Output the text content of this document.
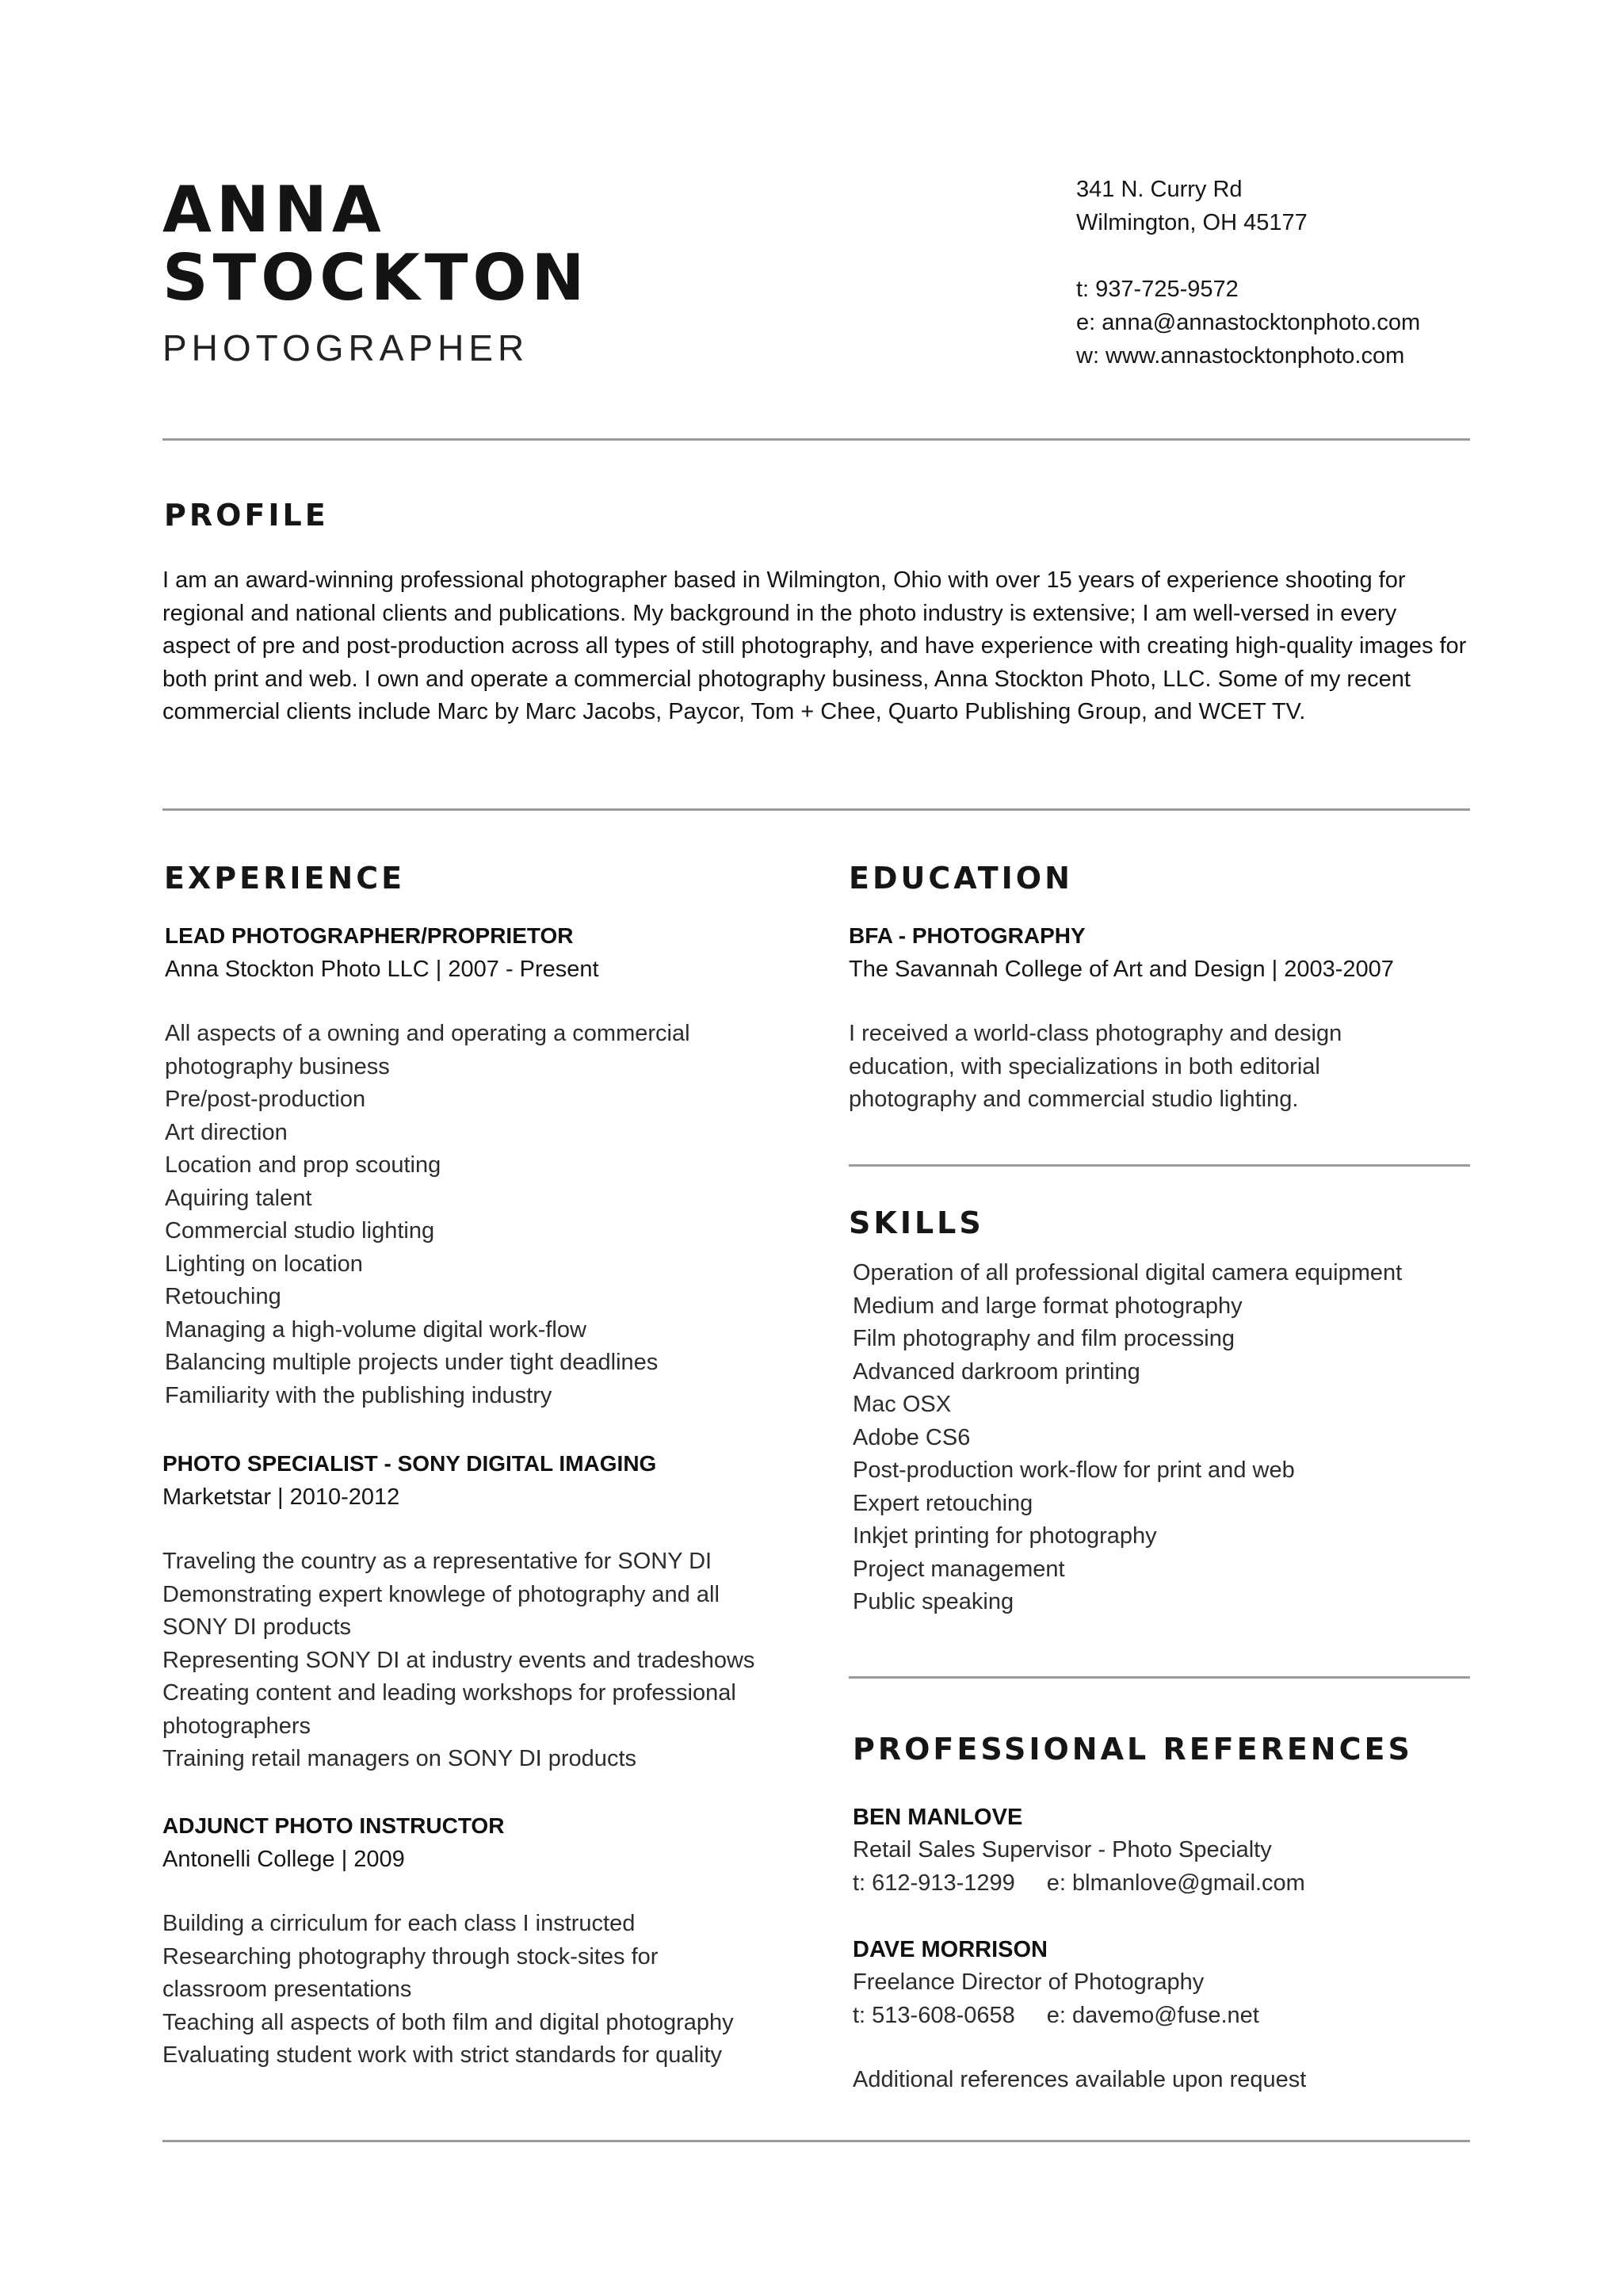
ANNA
STOCKTON
PHOTOGRAPHER
341 N. Curry Rd
Wilmington, OH 45177
t: 937-725-9572
e: anna@annastocktonphoto.com
w: www.annastocktonphoto.com
PROFILE
I am an award-winning professional photographer based in Wilmington, Ohio with over 15 years of experience shooting for regional and national clients and publications. My background in the photo industry is extensive; I am well-versed in every aspect of pre and post-production across all types of still photography, and have experience with creating high-quality images for both print and web. I own and operate a commercial photography business, Anna Stockton Photo, LLC. Some of my recent commercial clients include Marc by Marc Jacobs, Paycor, Tom + Chee, Quarto Publishing Group, and WCET TV.
EXPERIENCE
LEAD PHOTOGRAPHER/PROPRIETOR
Anna Stockton Photo LLC | 2007 - Present
All aspects of a owning and operating a commercial
photography business
Pre/post-production
Art direction
Location and prop scouting
Aquiring talent
Commercial studio lighting
Lighting on location
Retouching
Managing a high-volume digital work-flow
Balancing multiple projects under tight deadlines
Familiarity with the publishing industry
PHOTO SPECIALIST - SONY DIGITAL IMAGING
Marketstar | 2010-2012
Traveling the country as a representative for SONY DI
Demonstrating expert knowlege of photography and all
SONY DI products
Representing SONY DI at industry events and tradeshows
Creating content and leading workshops for professional
photographers
Training retail managers on SONY DI products
ADJUNCT PHOTO INSTRUCTOR
Antonelli College | 2009
Building a cirriculum for each class I instructed
Researching photography through stock-sites for
classroom presentations
Teaching all aspects of both film and digital photography
Evaluating student work with strict standards for quality
EDUCATION
BFA - PHOTOGRAPHY
The Savannah College of Art and Design | 2003-2007
I received a world-class photography and design
education, with specializations in both editorial
photography and commercial studio lighting.
SKILLS
Operation of all professional digital camera equipment
Medium and large format photography
Film photography and film processing
Advanced darkroom printing
Mac OSX
Adobe CS6
Post-production work-flow for print and web
Expert retouching
Inkjet printing for photography
Project management
Public speaking
PROFESSIONAL REFERENCES
BEN MANLOVE
Retail Sales Supervisor - Photo Specialty
t: 612-913-1299 e: blmanlove@gmail.com
DAVE MORRISON
Freelance Director of Photography
t: 513-608-0658 e: davemo@fuse.net
Additional references available upon request
